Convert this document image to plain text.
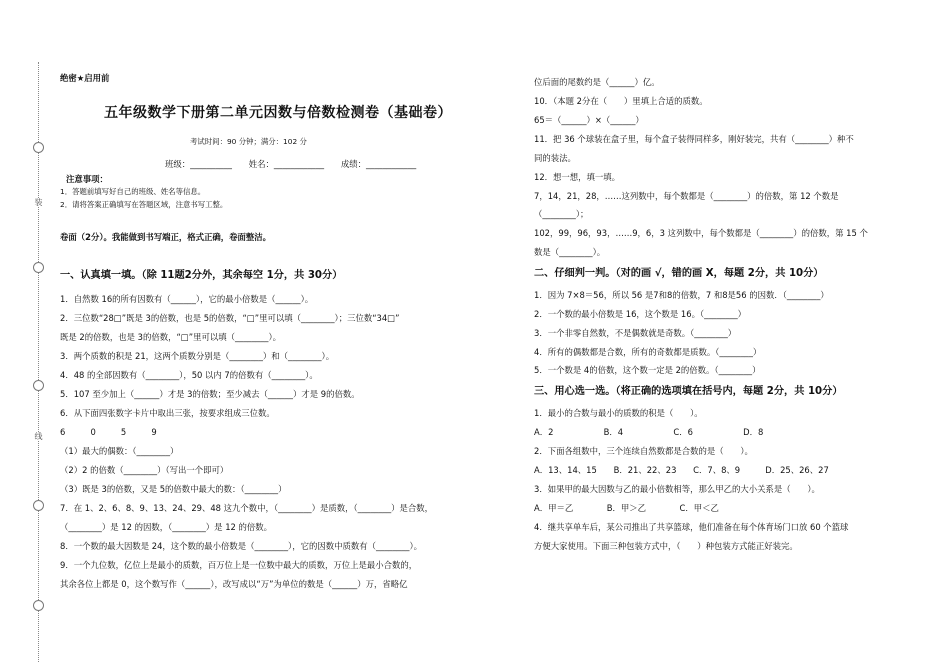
装
线
绝密★启用前
五年级数学下册第二单元因数与倍数检测卷（基础卷）
考试时间：90 分钟；满分：102 分
班级：__________　　姓名：____________　　成绩：____________
注意事项：
1．答题前填写好自己的班级、姓名等信息。
2．请将答案正确填写在答题区域，注意书写工整。
卷面（2分）。我能做到书写端正，格式正确，卷面整洁。
一、认真填一填。（除 11题2分外，其余每空 1分，共 30分）
1．自然数 16的所有因数有（______），它的最小倍数是（______）。
2．三位数“28□”既是 3的倍数，也是 5的倍数，“□”里可以填（________）；三位数“34□”
既是 2的倍数，也是 3的倍数，“□”里可以填（________）。
3．两个质数的积是 21，这两个质数分别是（________）和（________）。
4．48 的全部因数有（________），50 以内 7的倍数有（________）。
5．107 至少加上（______）才是 3的倍数；至少减去（______）才是 9的倍数。
6．从下面四张数字卡片中取出三张，按要求组成三位数。
6　　　0　　　5　　　9
（1）最大的偶数：（________）
（2）2 的倍数（________）（写出一个即可）
（3）既是 3的倍数，又是 5的倍数中最大的数：（________）
7．在 1、2、6、8、9、13、24、29、48 这九个数中，（________）是质数，（________）是合数，
（________）是 12 的因数，（________）是 12 的倍数。
8．一个数的最大因数是 24，这个数的最小倍数是（________），它的因数中质数有（________）。
9．一个九位数，亿位上是最小的质数，百万位上是一位数中最大的质数，万位上是最小合数的，
其余各位上都是 0，这个数写作（______），改写成以“万”为单位的数是（______）万，省略亿
位后面的尾数约是（______）亿。
10．（本题 2分在（　　）里填上合适的质数。
65＝（______）×（______）
11．把 36 个球装在盒子里，每个盒子装得同样多，刚好装完，共有（________）种不
同的装法。
12．想一想，填一填。
7，14，21，28，……这列数中，每个数都是（________）的倍数，第 12 个数是
（________）；
102，99，96，93，……9，6，3 这列数中，每个数都是（________）的倍数，第 15 个
数是（________）。
二、仔细判一判。（对的画 √，错的画 X，每题 2分，共 10分）
1．因为 7×8＝56，所以 56 是7和8的倍数，7 和8是56 的因数．（________）
2．一个数的最小倍数是 16，这个数是 16。（________）
3．一个非零自然数，不是偶数就是奇数。（________）
4．所有的偶数都是合数，所有的奇数都是质数。（________）
5．一个数是 4的倍数，这个数一定是 2的倍数。（________）
三、用心选一选。（将正确的选项填在括号内，每题 2分，共 10分）
1．最小的合数与最小的质数的积是（　　）。
A．2　　　　　　B．4　　　　　　C．6　　　　　　D．8
2．下面各组数中，三个连续自然数都是合数的是（　　）。
A．13、14、15　　B．21、22、23　　C．7、8、9　　　D．25、26、27
3．如果甲的最大因数与乙的最小倍数相等，那么甲乙的大小关系是（　　）。
A．甲＝乙　　　　B．甲＞乙　　　　C．甲＜乙
4．继共享单车后，某公司推出了共享篮球，他们准备在每个体育场门口放 60 个篮球
方便大家使用。下面三种包装方式中，（　　）种包装方式能正好装完。
